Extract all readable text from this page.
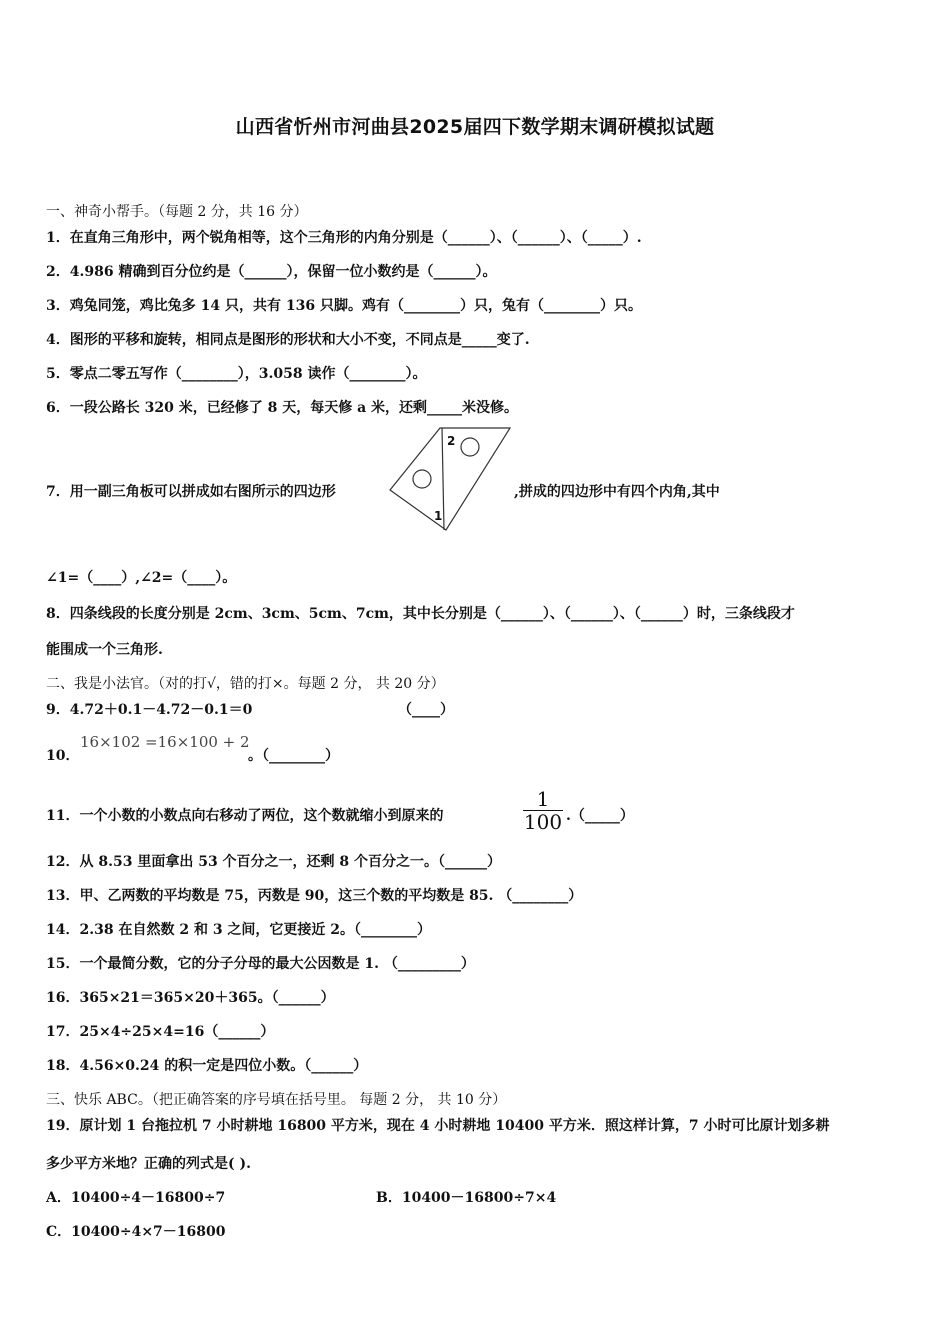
山西省忻州市河曲县2025届四下数学期末调研模拟试题
一、神奇小帮手。（每题 2 分，共 16 分）
1．在直角三角形中，两个锐角相等，这个三角形的内角分别是（______）、（______）、（_____）.
2．4.986 精确到百分位约是（______），保留一位小数约是（______）。
3．鸡兔同笼，鸡比兔多 14 只，共有 136 只脚。鸡有（________）只，兔有（________）只。
4．图形的平移和旋转，相同点是图形的形状和大小不变，不同点是_____变了.
5．零点二零五写作（________），3.058 读作（________）。
6．一段公路长 320 米，已经修了 8 天，每天修 a 米，还剩_____米没修。
7．用一副三角板可以拼成如右图所示的四边形
2
1
,拼成的四边形中有四个内角,其中
∠1=（____）,∠2=（____）。
8．四条线段的长度分别是 2cm、3cm、5cm、7cm，其中长分别是（______）、（______）、（______）时，三条线段才
能围成一个三角形.
二、我是小法官。（对的打√，错的打×。每题 2 分， 共 20 分）
9．4.72＋0.1－4.72－0.1＝0	（____）
10．
16×102 =16×100 + 2
。（________）
11．一个小数的小数点向右移动了两位，这个数就缩小到原来的
1
100 .（_____）
12．从 8.53 里面拿出 53 个百分之一，还剩 8 个百分之一。（______）
13．甲、乙两数的平均数是 75，丙数是 90，这三个数的平均数是 85. （________）
14．2.38 在自然数 2 和 3 之间，它更接近 2。（________）
15．一个最简分数，它的分子分母的最大公因数是 1. （_________）
16．365×21＝365×20＋365。（______）
17．25×4÷25×4=16（______）
18．4.56×0.24 的积一定是四位小数。（______）
三、快乐 ABC。（把正确答案的序号填在括号里。 每题 2 分， 共 10 分）
19．原计划 1 台拖拉机 7 小时耕地 16800 平方米，现在 4 小时耕地 10400 平方米．照这样计算，7 小时可比原计划多耕
多少平方米地？正确的列式是( ).
A．10400÷4－16800÷7	B．10400－16800÷7×4
C．10400÷4×7－16800
